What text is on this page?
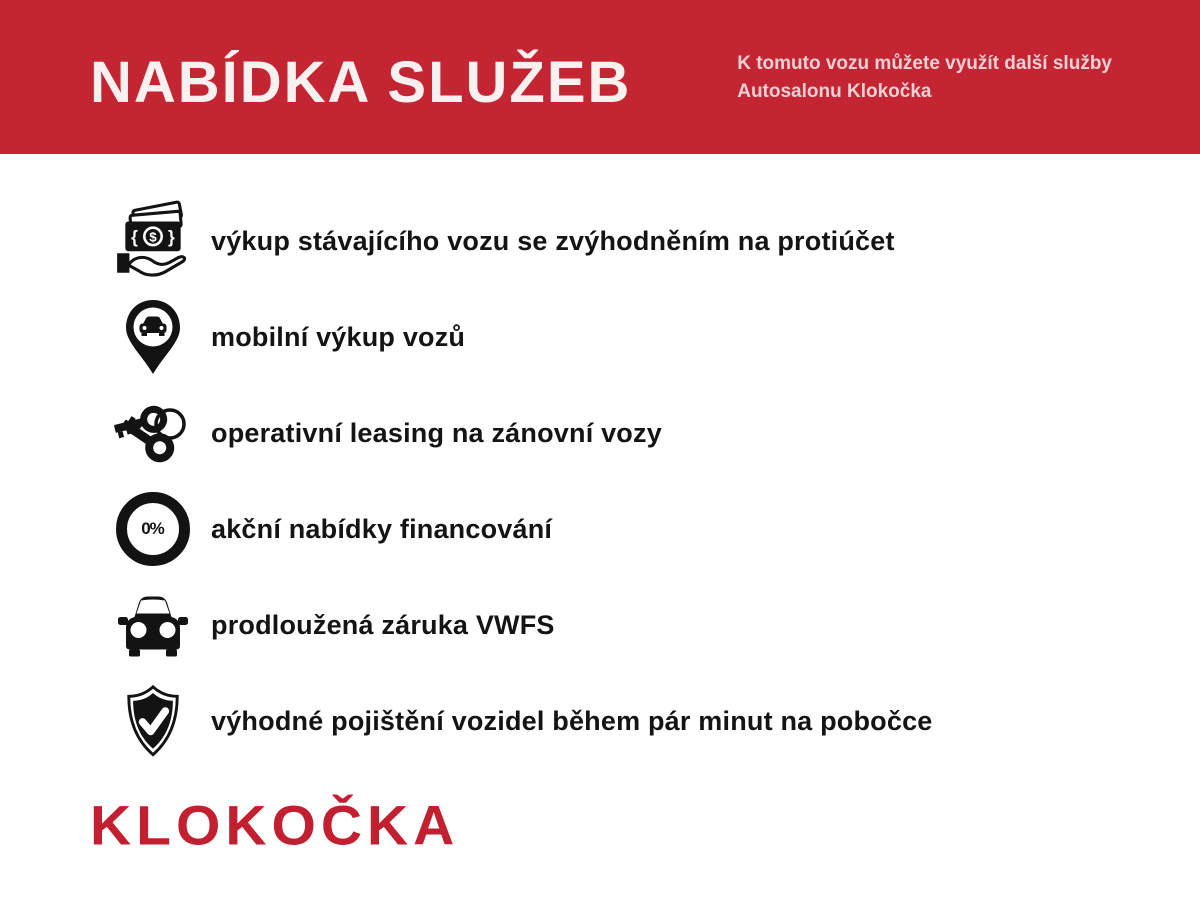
NABÍDKA SLUŽEB	K tomuto vozu můžete využít další služby
Autosalonu Klokočka
$
{ } výkup stávajícího vozu se zvýhodněním na protiúčet
mobilní výkup vozů
operativní leasing na zánovní vozy
0% akční nabídky financování
prodloužená záruka VWFS
výhodné pojištění vozidel během pár minut na pobočce
KLOKOČKA
